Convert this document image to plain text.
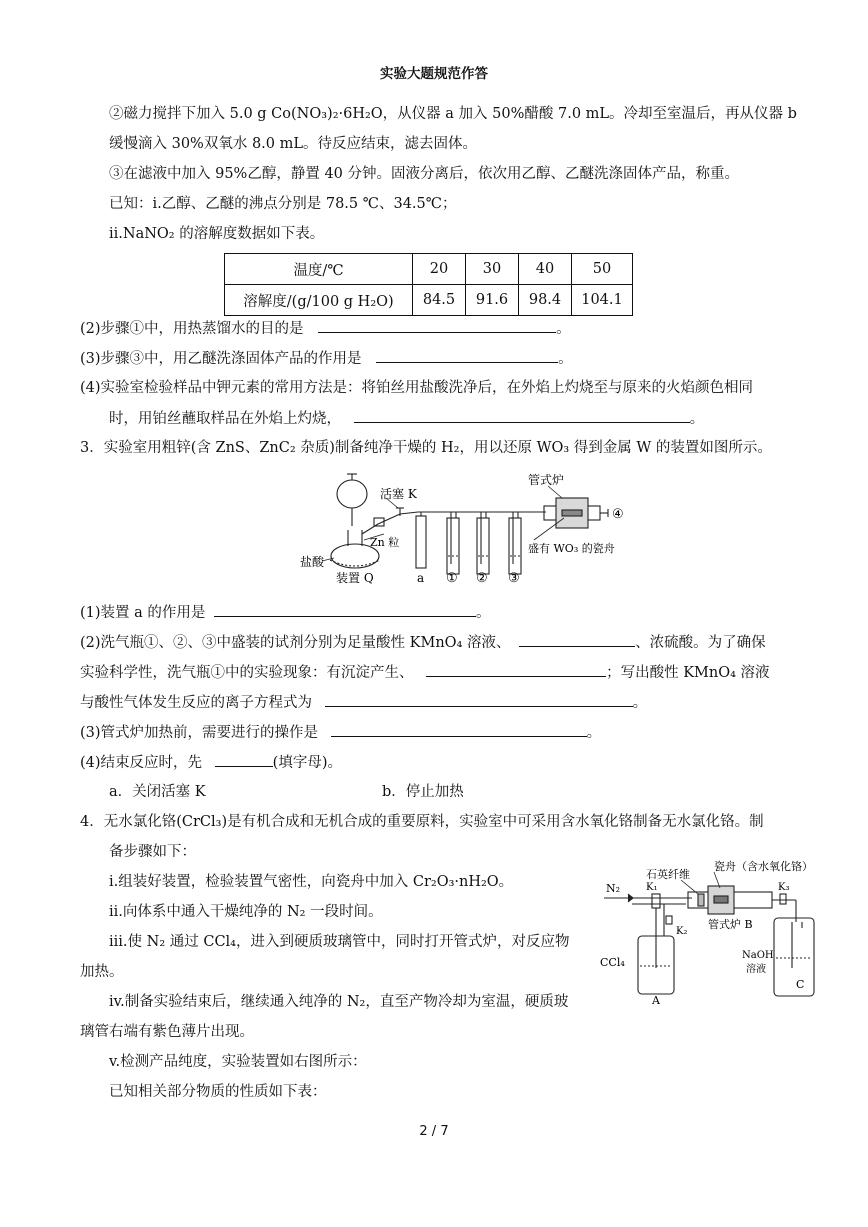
实验大题规范作答
②磁力搅拌下加入 5.0 g Co(NO₃)₂·6H₂O，从仪器 a 加入 50%醋酸 7.0 mL。冷却至室温后，再从仪器 b
缓慢滴入 30%双氧水 8.0 mL。待反应结束，滤去固体。
③在滤液中加入 95%乙醇，静置 40 分钟。固液分离后，依次用乙醇、乙醚洗涤固体产品，称重。
已知：i.乙醇、乙醚的沸点分别是 78.5 ℃、34.5℃；
ii.NaNO₂ 的溶解度数据如下表。
温度/℃	20	30	40	50
溶解度/(g/100 g H₂O)	84.5	91.6	98.4	104.1
(2)步骤①中，用热蒸馏水的目的是	。
(3)步骤③中，用乙醚洗涤固体产品的作用是	。
(4)实验室检验样品中钾元素的常用方法是：将铂丝用盐酸洗净后，在外焰上灼烧至与原来的火焰颜色相同
时，用铂丝蘸取样品在外焰上灼烧，	。
3．实验室用粗锌(含 ZnS、ZnC₂ 杂质)制备纯净干燥的 H₂，用以还原 WO₃ 得到金属 W 的装置如图所示。
管式炉
活塞 K
Zn 粒
盐酸
装置 Q
盛有 WO₃ 的瓷舟
a ① ② ③
④
(1)装置 a 的作用是	。
(2)洗气瓶①、②、③中盛装的试剂分别为足量酸性 KMnO₄ 溶液、	、浓硫酸。为了确保
实验科学性，洗气瓶①中的实验现象：有沉淀产生、	；写出酸性 KMnO₄ 溶液
与酸性气体发生反应的离子方程式为	。
(3)管式炉加热前，需要进行的操作是	。
(4)结束反应时，先	(填字母)。
a．关闭活塞 K	b．停止加热
4．无水氯化铬(CrCl₃)是有机合成和无机合成的重要原料，实验室中可采用含水氧化铬制备无水氯化铬。制
备步骤如下：
i.组装好装置，检验装置气密性，向瓷舟中加入 Cr₂O₃·nH₂O。
ii.向体系中通入干燥纯净的 N₂ 一段时间。
iii.使 N₂ 通过 CCl₄，进入到硬质玻璃管中，同时打开管式炉，对反应物
加热。
iv.制备实验结束后，继续通入纯净的 N₂，直至产物冷却为室温，硬质玻
璃管右端有紫色薄片出现。
v.检测产品纯度，实验装置如右图所示：
已知相关部分物质的性质如下表：
N₂	K₁
K₂
K₃
石英纤维
瓷舟（含水氧化铬）
管式炉 B
CCl₄
NaOH
溶液
A
C
2 / 7
